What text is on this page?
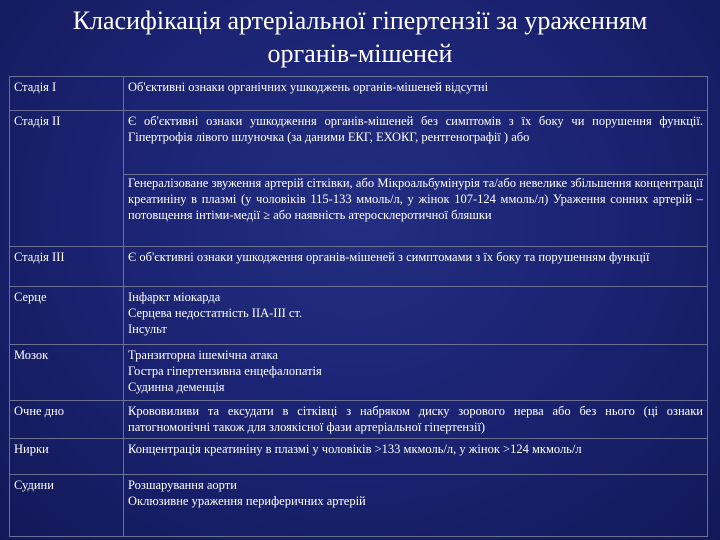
Класифікація артеріальної гіпертензії за ураженням
органів-мішеней
Стадія І	Об'єктивні ознаки органічних ушкоджень органів-мішеней відсутні

Стадія ІІ	Є об'єктивні ознаки ушкодження органів-мішеней без симптомів з їх боку чи порушення функції. Гіпертрофія лівого шлуночка (за даними ЕКГ, ЕХОКГ, рентгенографії ) або

	Генералізоване звуження артерій сітківки, або Мікроальбумінурія та/або невелике збільшення концентрації креатиніну в плазмі (у чоловіків 115-133 ммоль/л, у жінок 107-124 ммоль/л) Ураження сонних артерій – потовщення інтіми-медії ≥ або наявність атеросклеротичної бляшки

Стадія ІІІ	Є об'єктивні ознаки ушкодження органів-мішеней з симптомами з їх боку та порушенням функції

Серце	Інфаркт міокарда
Серцева недостатність ІІА-ІІІ ст.
Інсульт

Мозок	Транзиторна ішемічна атака
Гостра гіпертензивна енцефалопатія
Судинна деменція

Очне дно	Крововиливи та ексудати в сітківці з набряком диску зорового нерва або без нього (ці ознаки патогномонічні також для злоякісної фази артеріальної гіпертензії)

Нирки	Концентрація креатиніну в плазмі у чоловіків >133 мкмоль/л, у жінок >124 мкмоль/л

Судини	Розшарування аорти
Оклюзивне ураження периферичних артерій
